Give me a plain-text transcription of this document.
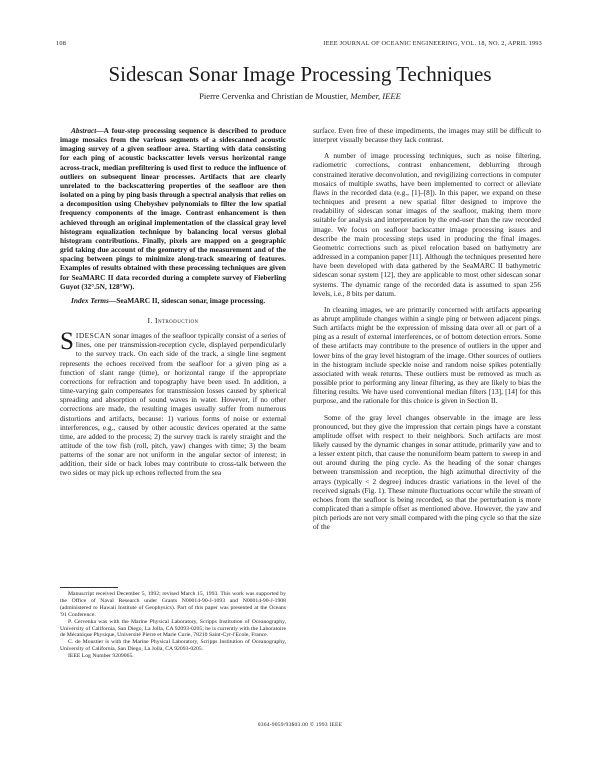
108	IEEE JOURNAL OF OCEANIC ENGINEERING, VOL. 18, NO. 2, APRIL 1993
Sidescan Sonar Image Processing Techniques
Pierre Cervenka and Christian de Moustier, Member, IEEE

Abstract—A four-step processing sequence is described to produce image mosaics from the various segments of a sidescanned acoustic imaging survey of a given seafloor area. Starting with data consisting for each ping of acoustic backscatter levels versus horizontal range across-track, median prefiltering is used first to reduce the influence of outliers on subsequent linear processes. Artifacts that are clearly unrelated to the backscattering properties of the seafloor are then isolated on a ping by ping basis through a spectral analysis that relies on a decomposition using Chebyshev polynomials to filter the low spatial frequency components of the image. Contrast enhancement is then achieved through an original implementation of the classical gray level histogram equalization technique by balancing local versus global histogram contributions. Finally, pixels are mapped on a geographic grid taking due account of the geometry of the measurement and of the spacing between pings to minimize along-track smearing of features. Examples of results obtained with these processing techniques are given for SeaMARC II data recorded during a complete survey of Fieberling Guyot (32°.5N, 128°W).

Index Terms—SeaMARC II, sidescan sonar, image processing.

I. Introduction

SIDESCAN sonar images of the seafloor typically consist of a series of lines, one per transmission-reception cycle, displayed perpendicularly to the survey track. On each side of the track, a single line segment represents the echoes received from the seafloor for a given ping as a function of slant range (time), or horizontal range if the appropriate corrections for refraction and topography have been used. In addition, a time-varying gain compensates for transmission losses caused by spherical spreading and absorption of sound waves in water. However, if no other corrections are made, the resulting images usually suffer from numerous distortions and artifacts, because: 1) various forms of noise or external interferences, e.g., caused by other acoustic devices operated at the same time, are added to the process; 2) the survey track is rarely straight and the attitude of the tow fish (roll, pitch, yaw) changes with time; 3) the beam patterns of the sonar are not uniform in the angular sector of interest; in addition, their side or back lobes may contribute to cross-talk between the two sides or may pick up echoes reflected from the sea

Manuscript received December 5, 1992; revised March 15, 1993. This work was supported by the Office of Naval Research under Grants N00014-90-J-1093 and N00014-90-J-1908 (administered to Hawaii Institute of Geophysics). Part of this paper was presented at the Oceans '91 Conference.

P. Cervenka was with the Marine Physical Laboratory, Scripps Institution of Oceanography, University of California, San Diego, La Jolla, CA 92093-0205; he is currently with the Laboratoire de Mécanique Physique, Université Pierre et Marie Curie, 78210 Saint-Cyr-l'Ecole, France.

C. de Moustier is with the Marine Physical Laboratory, Scripps Institution of Oceanography, University of California, San Diego, La Jolla, CA 92093-0205.

IEEE Log Number 9209065.

surface. Even free of these impediments, the images may still be difficult to interpret visually because they lack contrast.

A number of image processing techniques, such as noise filtering, radiometric corrections, contrast enhancement, deblurring through constrained iterative deconvolution, and revigilizing corrections in computer mosaics of multiple swaths, have been implemented to correct or alleviate flaws in the recorded data (e.g., [1]–[8]). In this paper, we expand on these techniques and present a new spatial filter designed to improve the readability of sidescan sonar images of the seafloor, making them more suitable for analysis and interpretation by the end-user than the raw recorded image. We focus on seafloor backscatter image processing issues and describe the main processing steps used in producing the final images. Geometric corrections such as pixel relocation based on bathymetry are addressed in a companion paper [11]. Although the techniques presented here have been developed with data gathered by the SeaMARC II bathymetric sidescan sonar system [12], they are applicable to most other sidescan sonar systems. The dynamic range of the recorded data is assumed to span 256 levels, i.e., 8 bits per datum.

In cleaning images, we are primarily concerned with artifacts appearing as abrupt amplitude changes within a single ping or between adjacent pings. Such artifacts might be the expression of missing data over all or part of a ping as a result of external interferences, or of bottom detection errors. Some of these artifacts may contribute to the presence of outliers in the upper and lower bins of the gray level histogram of the image. Other sources of outliers in the histogram include speckle noise and random noise spikes potentially associated with weak returns. These outliers must be removed as much as possible prior to performing any linear filtering, as they are likely to bias the filtering results. We have used conventional median filters [13], [14] for this purpose, and the rationale for this choice is given in Section II.

Some of the gray level changes observable in the image are less pronounced, but they give the impression that certain pings have a constant amplitude offset with respect to their neighbors. Such artifacts are most likely caused by the dynamic changes in sonar attitude, primarily yaw and to a lesser extent pitch, that cause the nonuniform beam pattern to sweep in and out around during the ping cycle. As the heading of the sonar changes between transmission and reception, the high azimuthal directivity of the arrays (typically < 2 degree) induces drastic variations in the level of the received signals (Fig. 1). These minute fluctuations occur while the stream of echoes from the seafloor is being recorded, so that the perturbation is more complicated than a simple offset as mentioned above. However, the yaw and pitch periods are not very small compared with the ping cycle so that the size of the

0364-9059/93$03.00 © 1993 IEEE
